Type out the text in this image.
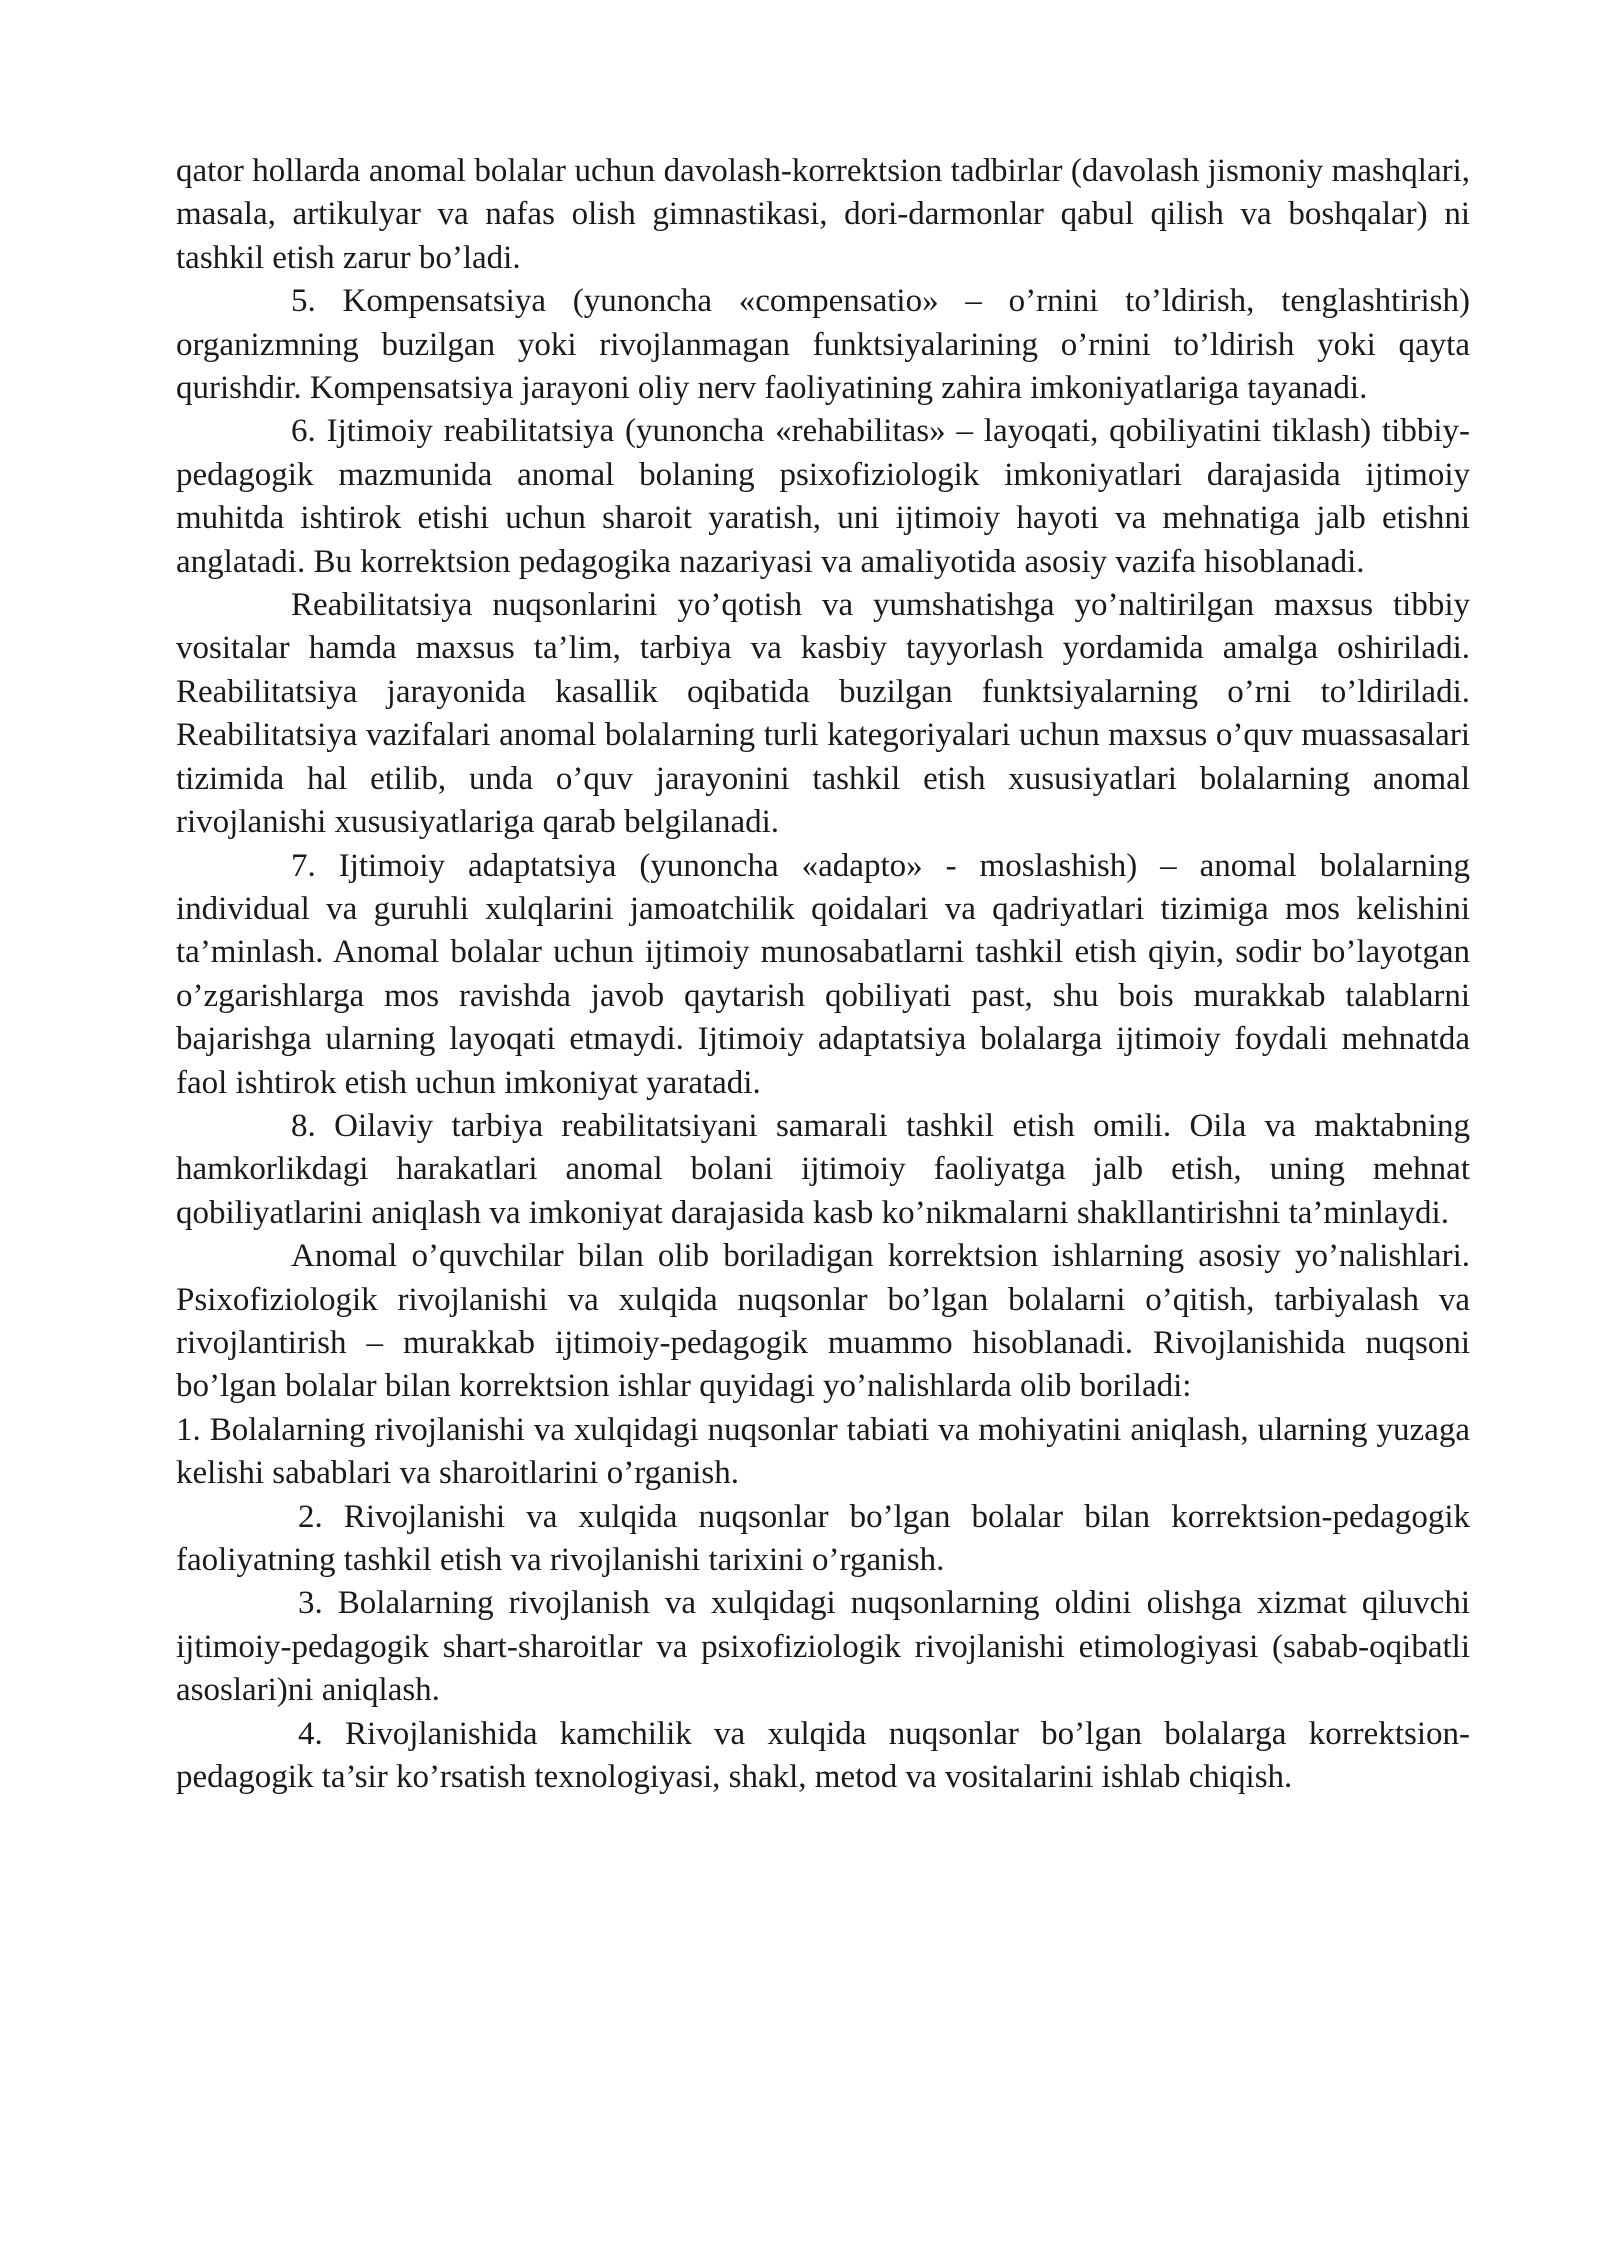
qator hollarda anomal bolalar uchun davolash-korrektsion tadbirlar (davolash jismoniy mashqlari, masala, artikulyar va nafas olish gimnastikasi, dori-darmonlar qabul qilish va boshqalar) ni tashkil etish zarur bo’ladi.

5. Kompensatsiya (yunoncha «compensatio» – o’rnini to’ldirish, tenglashtirish) organizmning buzilgan yoki rivojlanmagan funktsiyalarining o’rnini to’ldirish yoki qayta qurishdir. Kompensatsiya jarayoni oliy nerv faoliyatining zahira imkoniyatlariga tayanadi.

6. Ijtimoiy reabilitatsiya (yunoncha «rehabilitas» – layoqati, qobiliyatini tiklash) tibbiy-pedagogik mazmunida anomal bolaning psixofiziologik imkoniyatlari darajasida ijtimoiy muhitda ishtirok etishi uchun sharoit yaratish, uni ijtimoiy hayoti va mehnatiga jalb etishni anglatadi. Bu korrektsion pedagogika nazariyasi va amaliyotida asosiy vazifa hisoblanadi.

Reabilitatsiya nuqsonlarini yo’qotish va yumshatishga yo’naltirilgan maxsus tibbiy vositalar hamda maxsus ta’lim, tarbiya va kasbiy tayyorlash yordamida amalga oshiriladi. Reabilitatsiya jarayonida kasallik oqibatida buzilgan funktsiyalarning o’rni to’ldiriladi. Reabilitatsiya vazifalari anomal bolalarning turli kategoriyalari uchun maxsus o’quv muassasalari tizimida hal etilib, unda o’quv jarayonini tashkil etish xususiyatlari bolalarning anomal rivojlanishi xususiyatlariga qarab belgilanadi.

7. Ijtimoiy adaptatsiya (yunoncha «adapto» - moslashish) – anomal bolalarning individual va guruhli xulqlarini jamoatchilik qoidalari va qadriyatlari tizimiga mos kelishini ta’minlash. Anomal bolalar uchun ijtimoiy munosabatlarni tashkil etish qiyin, sodir bo’layotgan o’zgarishlarga mos ravishda javob qaytarish qobiliyati past, shu bois murakkab talablarni bajarishga ularning layoqati etmaydi. Ijtimoiy adaptatsiya bolalarga ijtimoiy foydali mehnatda faol ishtirok etish uchun imkoniyat yaratadi.

8. Oilaviy tarbiya reabilitatsiyani samarali tashkil etish omili. Oila va maktabning hamkorlikdagi harakatlari anomal bolani ijtimoiy faoliyatga jalb etish, uning mehnat qobiliyatlarini aniqlash va imkoniyat darajasida kasb ko’nikmalarni shakllantirishni ta’minlaydi.

Anomal o’quvchilar bilan olib boriladigan korrektsion ishlarning asosiy yo’nalishlari. Psixofiziologik rivojlanishi va xulqida nuqsonlar bo’lgan bolalarni o’qitish, tarbiyalash va rivojlantirish – murakkab ijtimoiy-pedagogik muammo hisoblanadi. Rivojlanishida nuqsoni bo’lgan bolalar bilan korrektsion ishlar quyidagi yo’nalishlarda olib boriladi:

1. Bolalarning rivojlanishi va xulqidagi nuqsonlar tabiati va mohiyatini aniqlash, ularning yuzaga kelishi sabablari va sharoitlarini o’rganish.

2. Rivojlanishi va xulqida nuqsonlar bo’lgan bolalar bilan korrektsion-pedagogik faoliyatning tashkil etish va rivojlanishi tarixini o’rganish.

3. Bolalarning rivojlanish va xulqidagi nuqsonlarning oldini olishga xizmat qiluvchi ijtimoiy-pedagogik shart-sharoitlar va psixofiziologik rivojlanishi etimologiyasi (sabab-oqibatli asoslari)ni aniqlash.

4. Rivojlanishida kamchilik va xulqida nuqsonlar bo’lgan bolalarga korrektsion-pedagogik ta’sir ko’rsatish texnologiyasi, shakl, metod va vositalarini ishlab chiqish.
